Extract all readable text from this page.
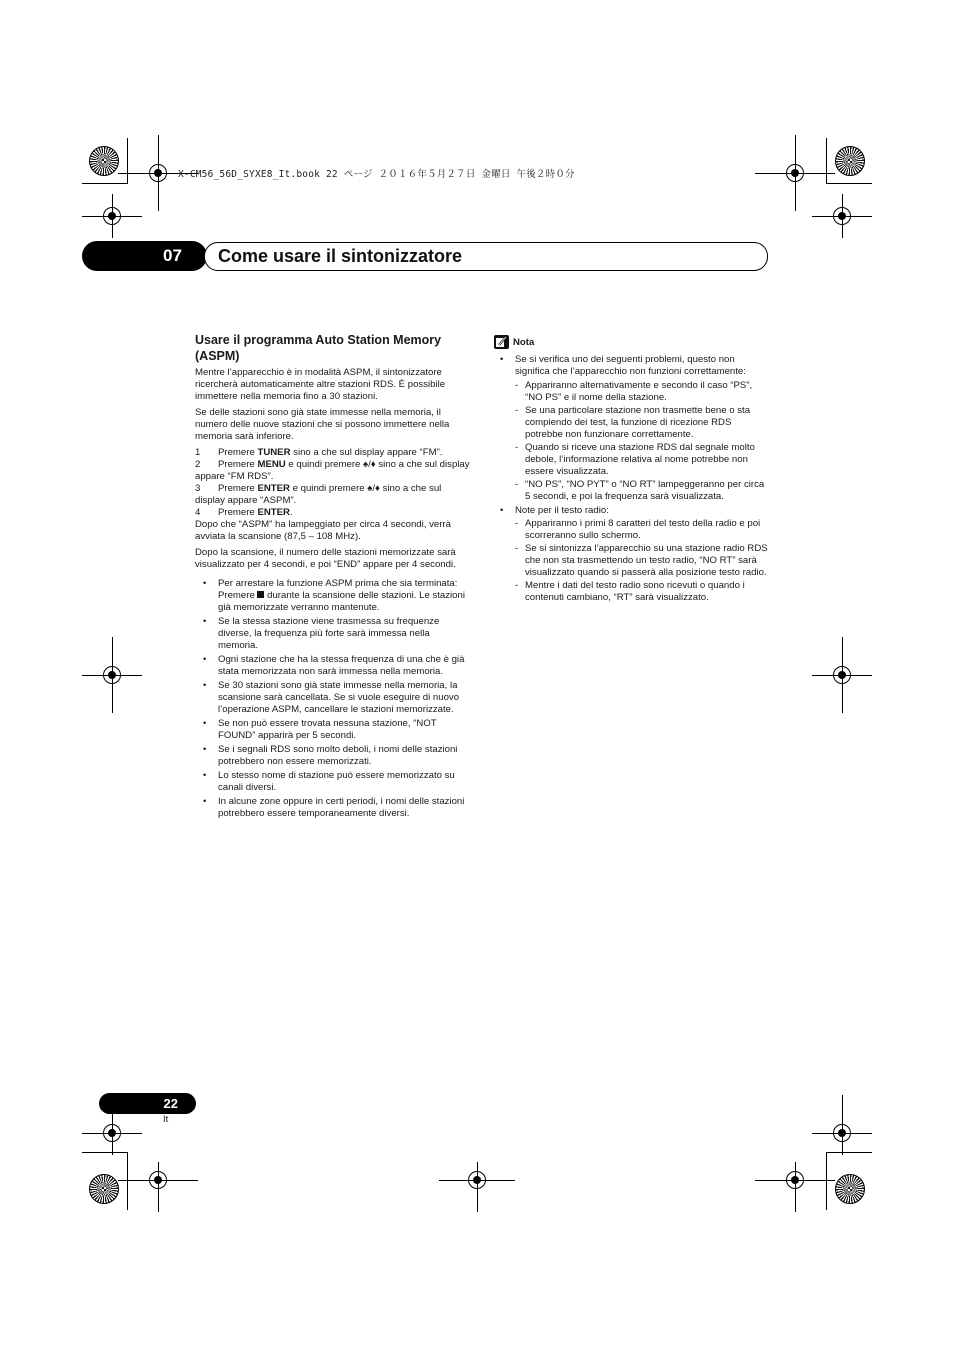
X-CM56_56D_SYXE8_It.book 22 ページ ２０１６年５月２７日 金曜日 午後２時０分
07	Come usare il sintonizzatore
Usare il programma Auto Station Memory (ASPM)

Mentre l’apparecchio è in modalità ASPM, il sintonizzatore ricercherà automaticamente altre stazioni RDS. È possibile immettere nella memoria fino a 30 stazioni.

Se delle stazioni sono già state immesse nella memoria, il numero delle nuove stazioni che si possono immettere nella memoria sarà inferiore.

1 Premere TUNER sino a che sul display appare “FM”.
2 Premere MENU e quindi premere ♠/♦ sino a che sul display appare “FM RDS”.
3 Premere ENTER e quindi premere ♠/♦ sino a che sul display appare “ASPM”.
4 Premere ENTER.

Dopo che “ASPM” ha lampeggiato per circa 4 secondi, verrà avviata la scansione (87,5 – 108 MHz).

Dopo la scansione, il numero delle stazioni memorizzate sarà visualizzato per 4 secondi, e poi “END” appare per 4 secondi.

• Per arrestare la funzione ASPM prima che sia terminata:
Premere  durante la scansione delle stazioni. Le stazioni già memorizzate verranno mantenute.
• Se la stessa stazione viene trasmessa su frequenze diverse, la frequenza più forte sarà immessa nella memoria.
• Ogni stazione che ha la stessa frequenza di una che è già stata memorizzata non sarà immessa nella memoria.
• Se 30 stazioni sono già state immesse nella memoria, la scansione sarà cancellata. Se si vuole eseguire di nuovo l’operazione ASPM, cancellare le stazioni memorizzate.
• Se non può essere trovata nessuna stazione, “NOT FOUND” apparirà per 5 secondi.
• Se i segnali RDS sono molto deboli, i nomi delle stazioni potrebbero non essere memorizzati.
• Lo stesso nome di stazione può essere memorizzato su canali diversi.
• In alcune zone oppure in certi periodi, i nomi delle stazioni potrebbero essere temporaneamente diversi.
Nota
• Se si verifica uno dei seguenti problemi, questo non significa che l’apparecchio non funzioni correttamente:
- Appariranno alternativamente e secondo il caso “PS”, “NO PS” e il nome della stazione.
- Se una particolare stazione non trasmette bene o sta compiendo dei test, la funzione di ricezione RDS potrebbe non funzionare correttamente.
- Quando si riceve una stazione RDS dal segnale molto debole, l’informazione relativa al nome potrebbe non essere visualizzata.
- “NO PS”, “NO PYT” o “NO RT” lampeggeranno per circa 5 secondi, e poi la frequenza sarà visualizzata.
• Note per il testo radio:
- Appariranno i primi 8 caratteri del testo della radio e poi scorreranno sullo schermo.
- Se si sintonizza l’apparecchio su una stazione radio RDS che non sta trasmettendo un testo radio, “NO RT” sarà visualizzato quando si passerà alla posizione testo radio.
- Mentre i dati del testo radio sono ricevuti o quando i contenuti cambiano, “RT” sarà visualizzato.
22
It
